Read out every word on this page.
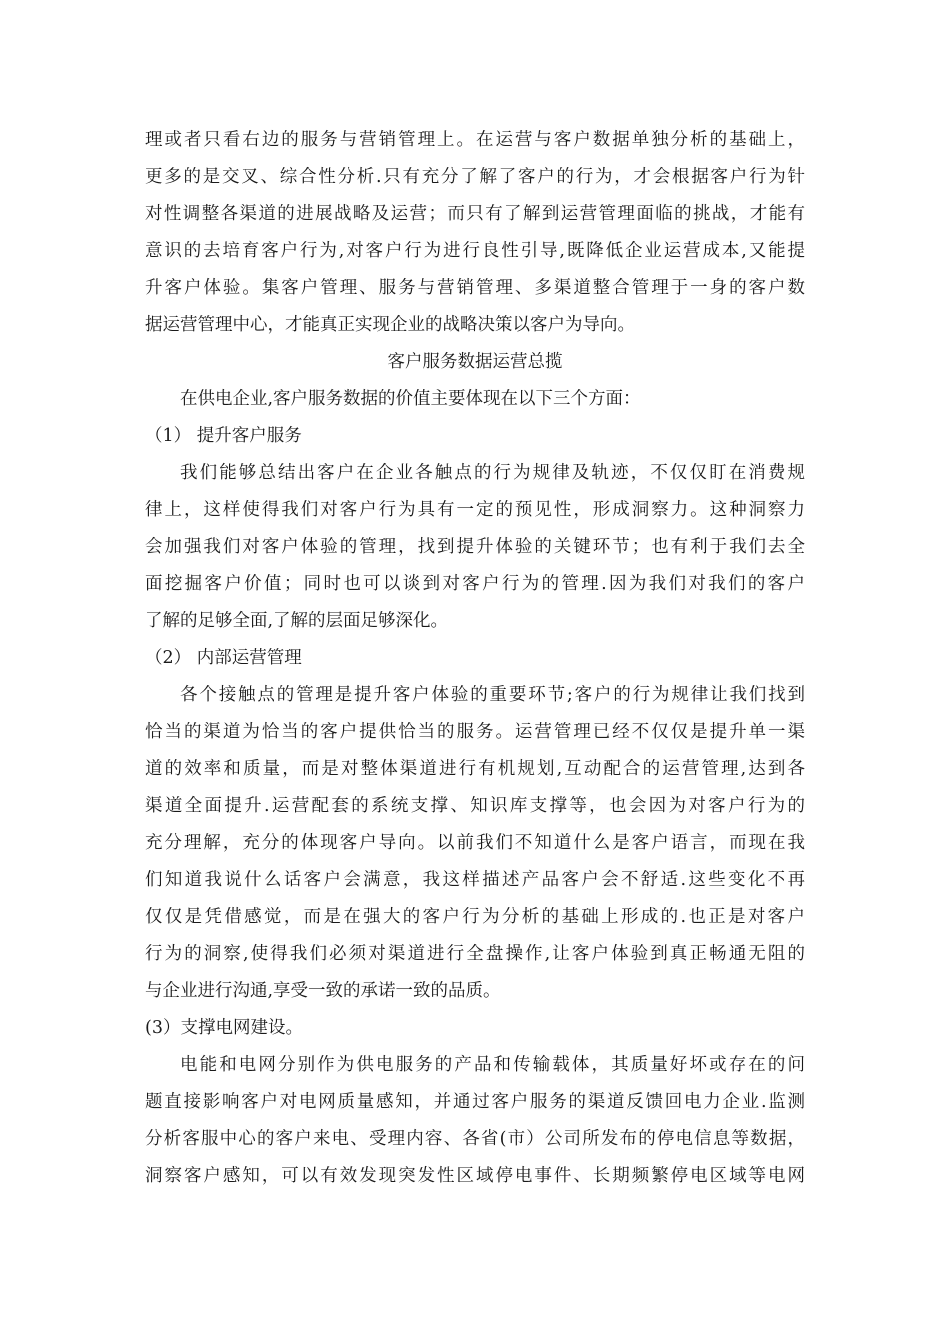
理或者只看右边的服务与营销管理上。在运营与客户数据单独分析的基础上，
更多的是交叉、综合性分析.只有充分了解了客户的行为，才会根据客户行为针
对性调整各渠道的进展战略及运营；而只有了解到运营管理面临的挑战，才能有
意识的去培育客户行为,对客户行为进行良性引导,既降低企业运营成本,又能提
升客户体验。集客户管理、服务与营销管理、多渠道整合管理于一身的客户数
据运营管理中心，才能真正实现企业的战略决策以客户为导向。
客户服务数据运营总揽
在供电企业,客户服务数据的价值主要体现在以下三个方面：
（1） 提升客户服务
我们能够总结出客户在企业各触点的行为规律及轨迹，不仅仅盯在消费规
律上，这样使得我们对客户行为具有一定的预见性，形成洞察力。这种洞察力
会加强我们对客户体验的管理，找到提升体验的关键环节；也有利于我们去全
面挖掘客户价值；同时也可以谈到对客户行为的管理.因为我们对我们的客户
了解的足够全面,了解的层面足够深化。
（2） 内部运营管理
各个接触点的管理是提升客户体验的重要环节;客户的行为规律让我们找到
恰当的渠道为恰当的客户提供恰当的服务。运营管理已经不仅仅是提升单一渠
道的效率和质量，而是对整体渠道进行有机规划,互动配合的运营管理,达到各
渠道全面提升.运营配套的系统支撑、知识库支撑等，也会因为对客户行为的
充分理解，充分的体现客户导向。以前我们不知道什么是客户语言，而现在我
们知道我说什么话客户会满意，我这样描述产品客户会不舒适.这些变化不再
仅仅是凭借感觉，而是在强大的客户行为分析的基础上形成的.也正是对客户
行为的洞察,使得我们必须对渠道进行全盘操作,让客户体验到真正畅通无阻的
与企业进行沟通,享受一致的承诺一致的品质。
(3）支撑电网建设。
电能和电网分别作为供电服务的产品和传输载体，其质量好坏或存在的问
题直接影响客户对电网质量感知，并通过客户服务的渠道反馈回电力企业.监测
分析客服中心的客户来电、受理内容、各省(市）公司所发布的停电信息等数据，
洞察客户感知，可以有效发现突发性区域停电事件、长期频繁停电区域等电网
